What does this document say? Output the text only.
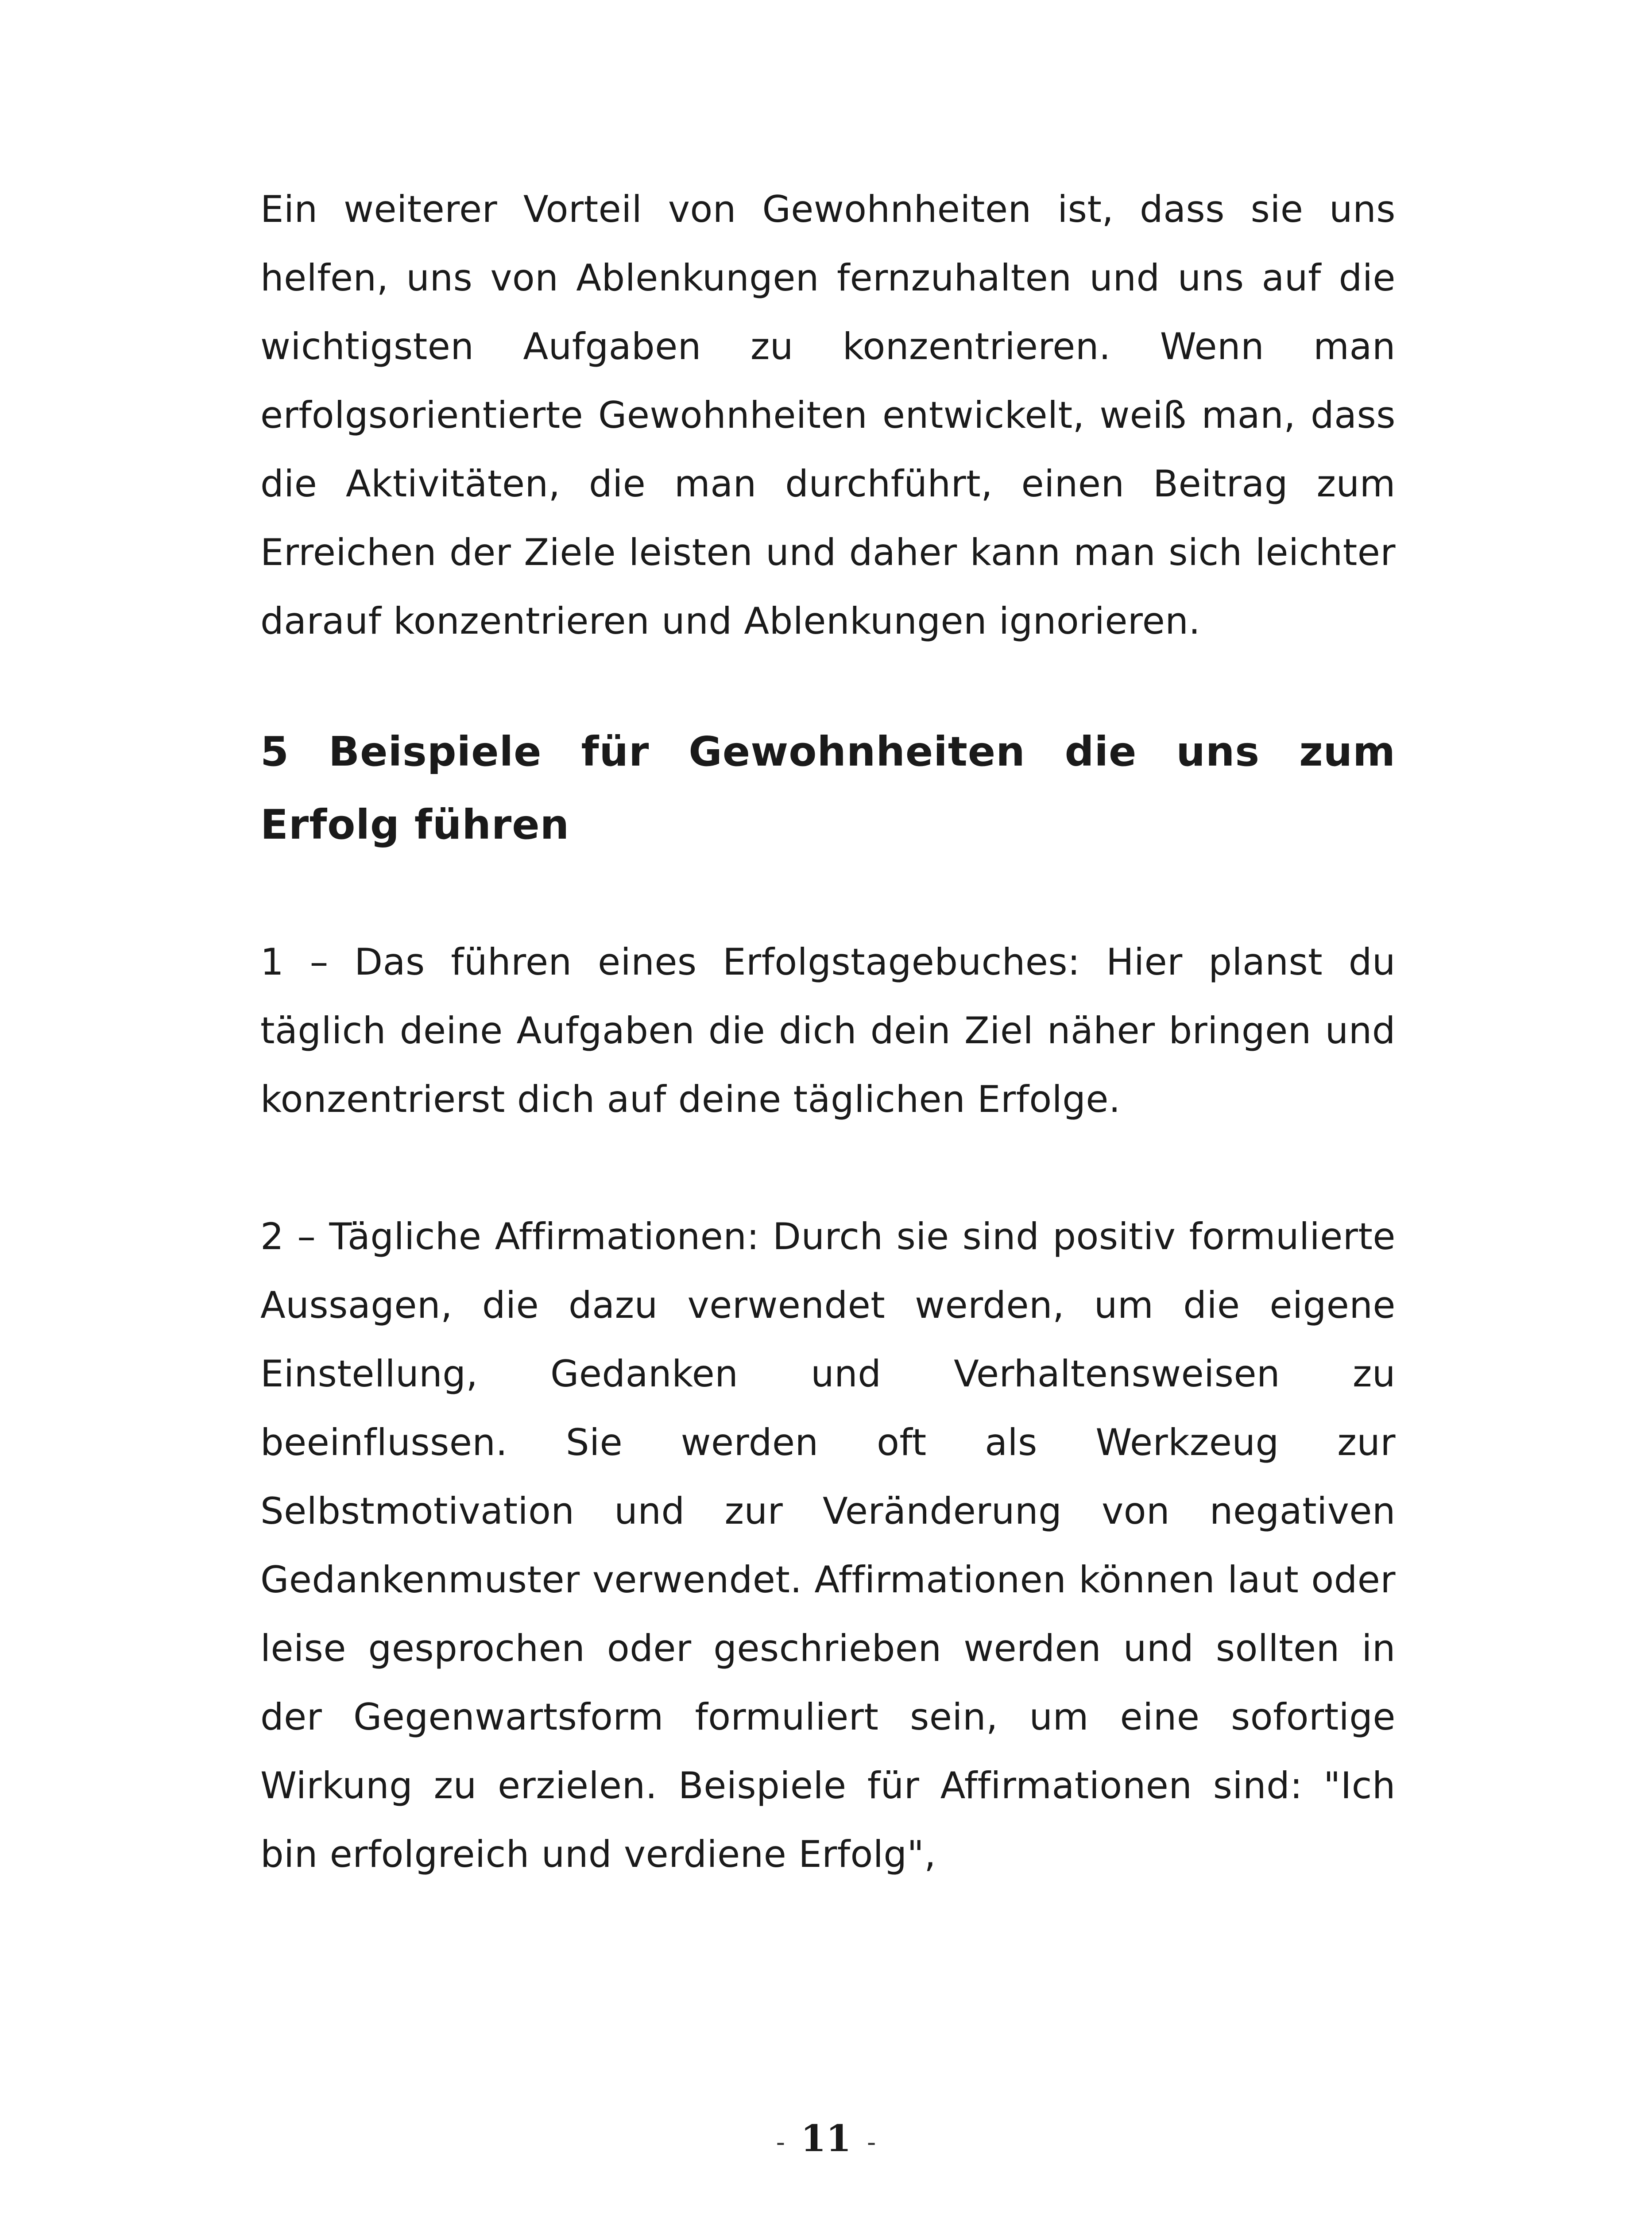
Ein weiterer Vorteil von Gewohnheiten ist, dass sie uns helfen, uns von Ablenkungen fernzuhalten und uns auf die wichtigsten Aufgaben zu konzentrieren. Wenn man erfolgsorientierte Gewohnheiten entwickelt, weiß man, dass die Aktivitäten, die man durchführt, einen Beitrag zum Erreichen der Ziele leisten und daher kann man sich leichter darauf konzentrieren und Ablenkungen ignorieren.

5 Beispiele für Gewohnheiten die uns zum Erfolg führen

1 – Das führen eines Erfolgstagebuches: Hier planst du täglich deine Aufgaben die dich dein Ziel näher bringen und konzentrierst dich auf deine täglichen Erfolge.

2 – Tägliche Affirmationen: Durch sie sind positiv formulierte Aussagen, die dazu verwendet werden, um die eigene Einstellung, Gedanken und Verhaltensweisen zu beeinflussen. Sie werden oft als Werkzeug zur Selbstmotivation und zur Veränderung von negativen Gedankenmuster verwendet. Affirmationen können laut oder leise gesprochen oder geschrieben werden und sollten in der Gegenwartsform formuliert sein, um eine sofortige Wirkung zu erzielen. Beispiele für Affirmationen sind: "Ich bin erfolgreich und verdiene Erfolg",

- 11 -
